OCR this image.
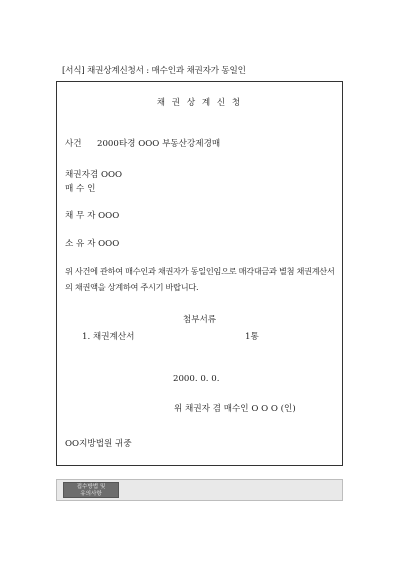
[서식] 채권상계신청서 : 매수인과 채권자가 동일인
채 권 상 계 신 청
사건 2000타경 OOO 부동산강제경매
채권자겸 OOO
매 수 인
채 무 자 OOO
소 유 자 OOO
위 사건에 관하여 매수인과 채권자가 동일인임으로 매각대금과 별첨 채권계산서의 채권액을 상계하여 주시기 바랍니다.
첨부서류
1. 채권계산서	1통
2000. 0. 0.
위 채권자 겸 매수인 O O O (인)
OO지방법원 귀중
접수방법 및
유의사항
